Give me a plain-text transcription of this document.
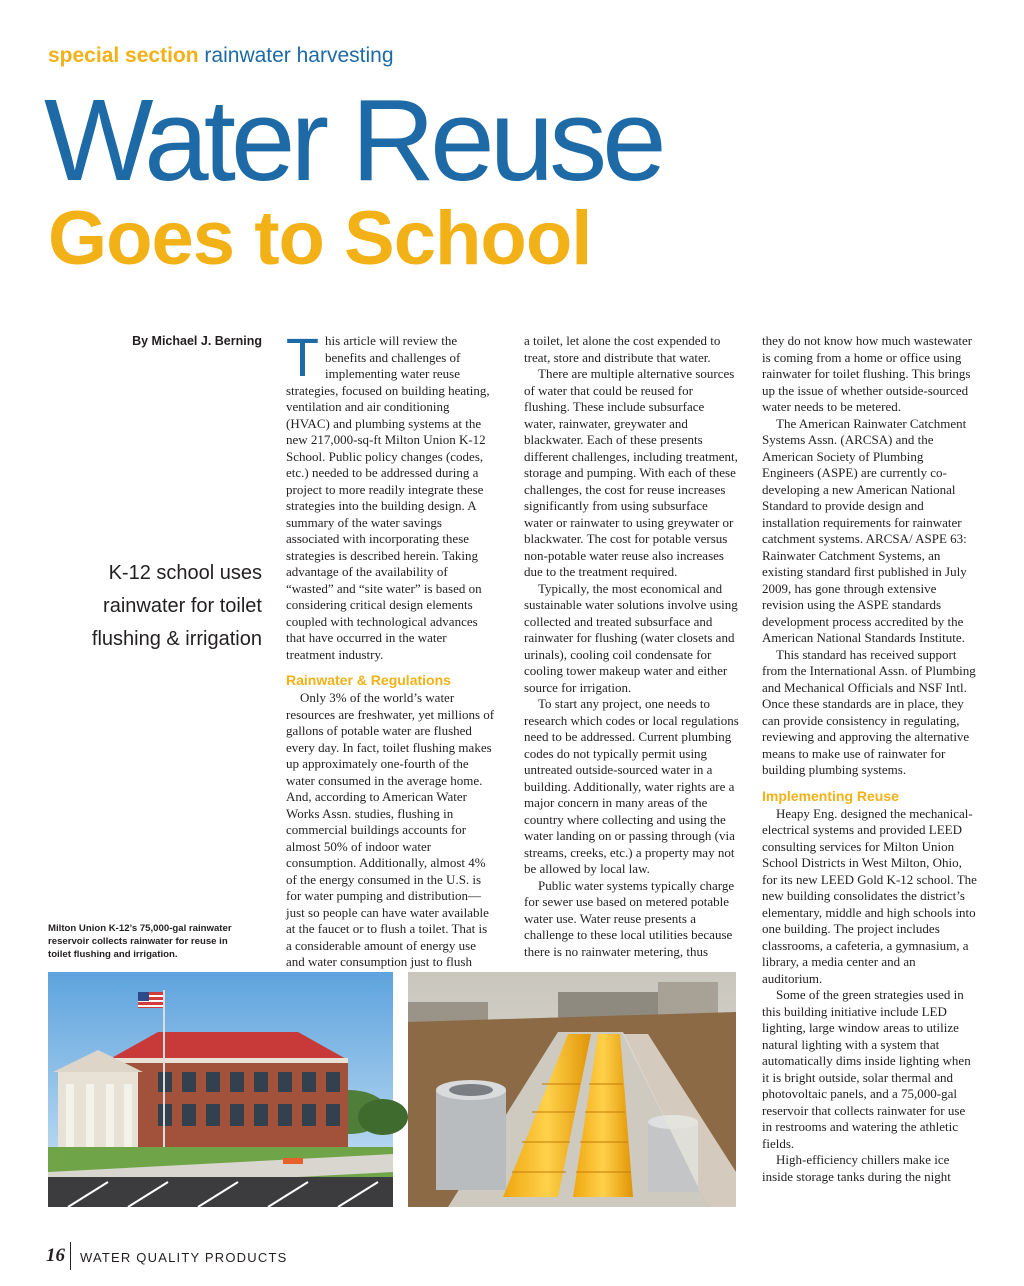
special section rainwater harvesting
Water Reuse
Goes to School
By Michael J. Berning
K-12 school uses rainwater for toilet flushing & irrigation
Milton Union K-12’s 75,000-gal rainwater reservoir collects rainwater for reuse in toilet flushing and irrigation.

This article will review the benefits and challenges of implementing water reuse strategies, focused on building heating, ventilation and air conditioning (HVAC) and plumbing systems at the new 217,000-sq-ft Milton Union K-12 School. Public policy changes (codes, etc.) needed to be addressed during a project to more readily integrate these strategies into the building design. A summary of the water savings associated with incorporating these strategies is described herein. Taking advantage of the availability of “wasted” and “site water” is based on considering critical design elements coupled with technological advances that have occurred in the water treatment industry.

Rainwater & Regulations

Only 3% of the world’s water resources are freshwater, yet millions of gallons of potable water are flushed every day. In fact, toilet flushing makes up approximately one-fourth of the water consumed in the average home. And, according to American Water Works Assn. studies, flushing in commercial buildings accounts for almost 50% of indoor water consumption. Additionally, almost 4% of the energy consumed in the U.S. is for water pumping and distribution—just so people can have water available at the faucet or to flush a toilet. That is a considerable amount of energy use and water consumption just to flush

a toilet, let alone the cost expended to treat, store and distribute that water.

There are multiple alternative sources of water that could be reused for flushing. These include subsurface water, rainwater, greywater and blackwater. Each of these presents different challenges, including treatment, storage and pumping. With each of these challenges, the cost for reuse increases significantly from using subsurface water or rainwater to using greywater or blackwater. The cost for potable versus non-potable water reuse also increases due to the treatment required.

Typically, the most economical and sustainable water solutions involve using collected and treated subsurface and rainwater for flushing (water closets and urinals), cooling coil condensate for cooling tower makeup water and either source for irrigation.

To start any project, one needs to research which codes or local regulations need to be addressed. Current plumbing codes do not typically permit using untreated outside-sourced water in a building. Additionally, water rights are a major concern in many areas of the country where collecting and using the water landing on or passing through (via streams, creeks, etc.) a property may not be allowed by local law.

Public water systems typically charge for sewer use based on metered potable water use. Water reuse presents a challenge to these local utilities because there is no rainwater metering, thus

they do not know how much wastewater is coming from a home or office using rainwater for toilet flushing. This brings up the issue of whether outside-sourced water needs to be metered.

The American Rainwater Catchment Systems Assn. (ARCSA) and the American Society of Plumbing Engineers (ASPE) are currently co-developing a new American National Standard to provide design and installation requirements for rainwater catchment systems. ARCSA/ ASPE 63: Rainwater Catchment Systems, an existing standard first published in July 2009, has gone through extensive revision using the ASPE standards development process accredited by the American National Standards Institute.

This standard has received support from the International Assn. of Plumbing and Mechanical Officials and NSF Intl. Once these standards are in place, they can provide consistency in regulating, reviewing and approving the alternative means to make use of rainwater for building plumbing systems.

Implementing Reuse

Heapy Eng. designed the mechanical-electrical systems and provided LEED consulting services for Milton Union School Districts in West Milton, Ohio, for its new LEED Gold K-12 school. The new building consolidates the district’s elementary, middle and high schools into one building. The project includes classrooms, a cafeteria, a gymnasium, a library, a media center and an auditorium.

Some of the green strategies used in this building initiative include LED lighting, large window areas to utilize natural lighting with a system that automatically dims inside lighting when it is bright outside, solar thermal and photovoltaic panels, and a 75,000-gal reservoir that collects rainwater for use in restrooms and watering the athletic fields.

High-efficiency chillers make ice inside storage tanks during the night

16 WATER QUALITY PRODUCTS
